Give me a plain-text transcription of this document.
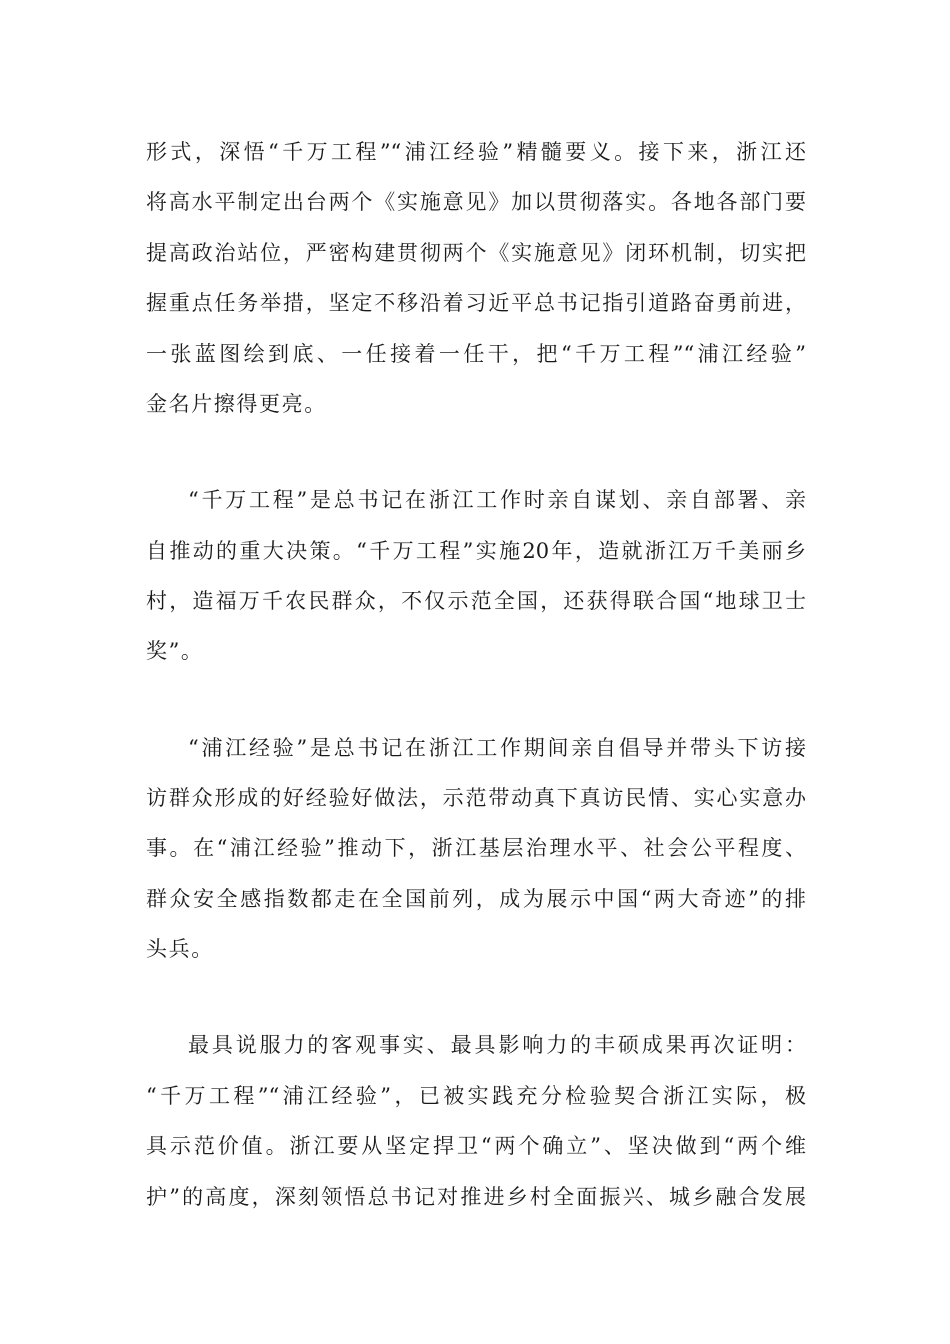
形式，深悟“千万工程”“浦江经验”精髓要义。接下来，浙江还
将高水平制定出台两个《实施意见》加以贯彻落实。各地各部门要
提高政治站位，严密构建贯彻两个《实施意见》闭环机制，切实把
握重点任务举措，坚定不移沿着习近平总书记指引道路奋勇前进，
一张蓝图绘到底、一任接着一任干，把“千万工程”“浦江经验”
金名片擦得更亮。
“千万工程”是总书记在浙江工作时亲自谋划、亲自部署、亲
自推动的重大决策。“千万工程”实施20年，造就浙江万千美丽乡
村，造福万千农民群众，不仅示范全国，还获得联合国“地球卫士
奖”。
“浦江经验”是总书记在浙江工作期间亲自倡导并带头下访接
访群众形成的好经验好做法，示范带动真下真访民情、实心实意办
事。在“浦江经验”推动下，浙江基层治理水平、社会公平程度、
群众安全感指数都走在全国前列，成为展示中国“两大奇迹”的排
头兵。
最具说服力的客观事实、最具影响力的丰硕成果再次证明：
“千万工程”“浦江经验”，已被实践充分检验契合浙江实际，极
具示范价值。浙江要从坚定捍卫“两个确立”、坚决做到“两个维
护”的高度，深刻领悟总书记对推进乡村全面振兴、城乡融合发展
